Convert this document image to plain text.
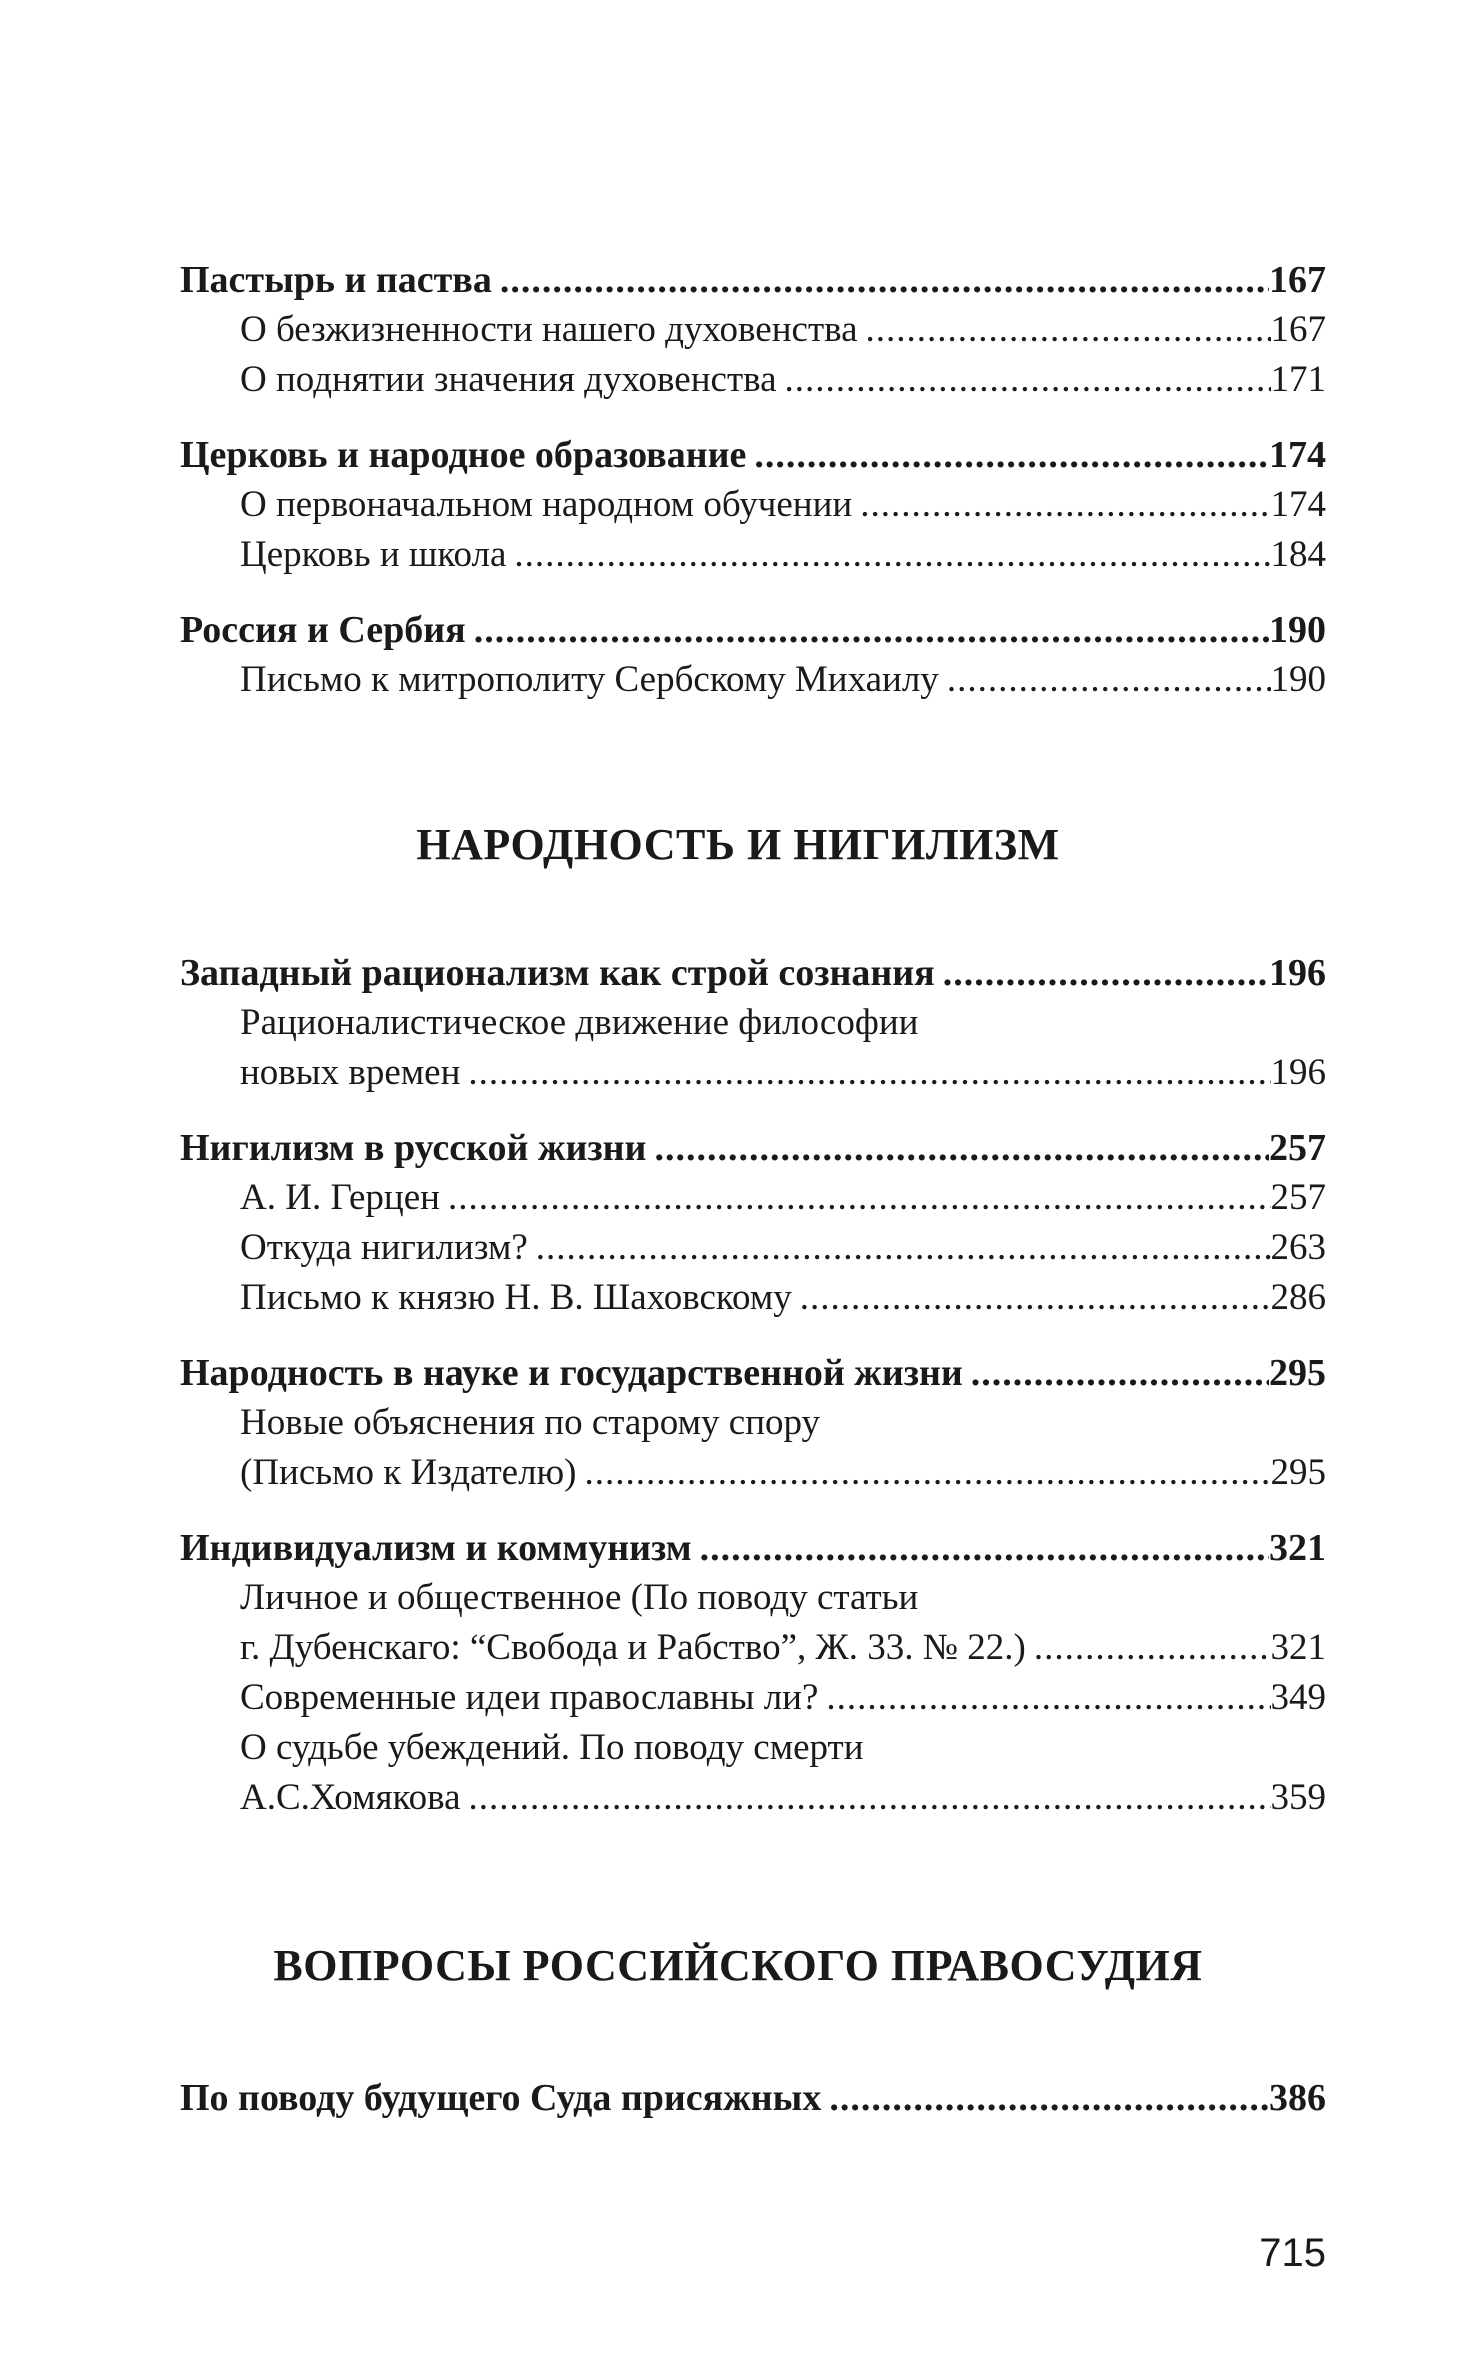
Пастырь и паства .....	167
О безжизненности нашего духовенства .....	167
О поднятии значения духовенства .....	171
Церковь и народное образование .....	174
О первоначальном народном обучении .....	174
Церковь и школа .....	184
Россия и Сербия .....	190
Письмо к митрополиту Сербскому Михаилу .....	190
НАРОДНОСТЬ И НИГИЛИЗМ
Западный рационализм как строй сознания .....	196
Рационалистическое движение философии
новых времен .....	196
Нигилизм в русской жизни .....	257
А. И. Герцен .....	257
Откуда нигилизм? .....	263
Письмо к князю Н. В. Шаховскому .....	286
Народность в науке и государственной жизни .....	295
Новые объяснения по старому спору
(Письмо к Издателю) .....	295
Индивидуализм и коммунизм .....	321
Личное и общественное (По поводу статьи
г. Дубенскаго: “Свобода и Рабство”, Ж. 33. № 22.) .....	321
Современные идеи православны ли? .....	349
О судьбе убеждений. По поводу смерти
А.С.Хомякова .....	359
ВОПРОСЫ РОССИЙСКОГО ПРАВОСУДИЯ
По поводу будущего Суда присяжных .....	386
715
